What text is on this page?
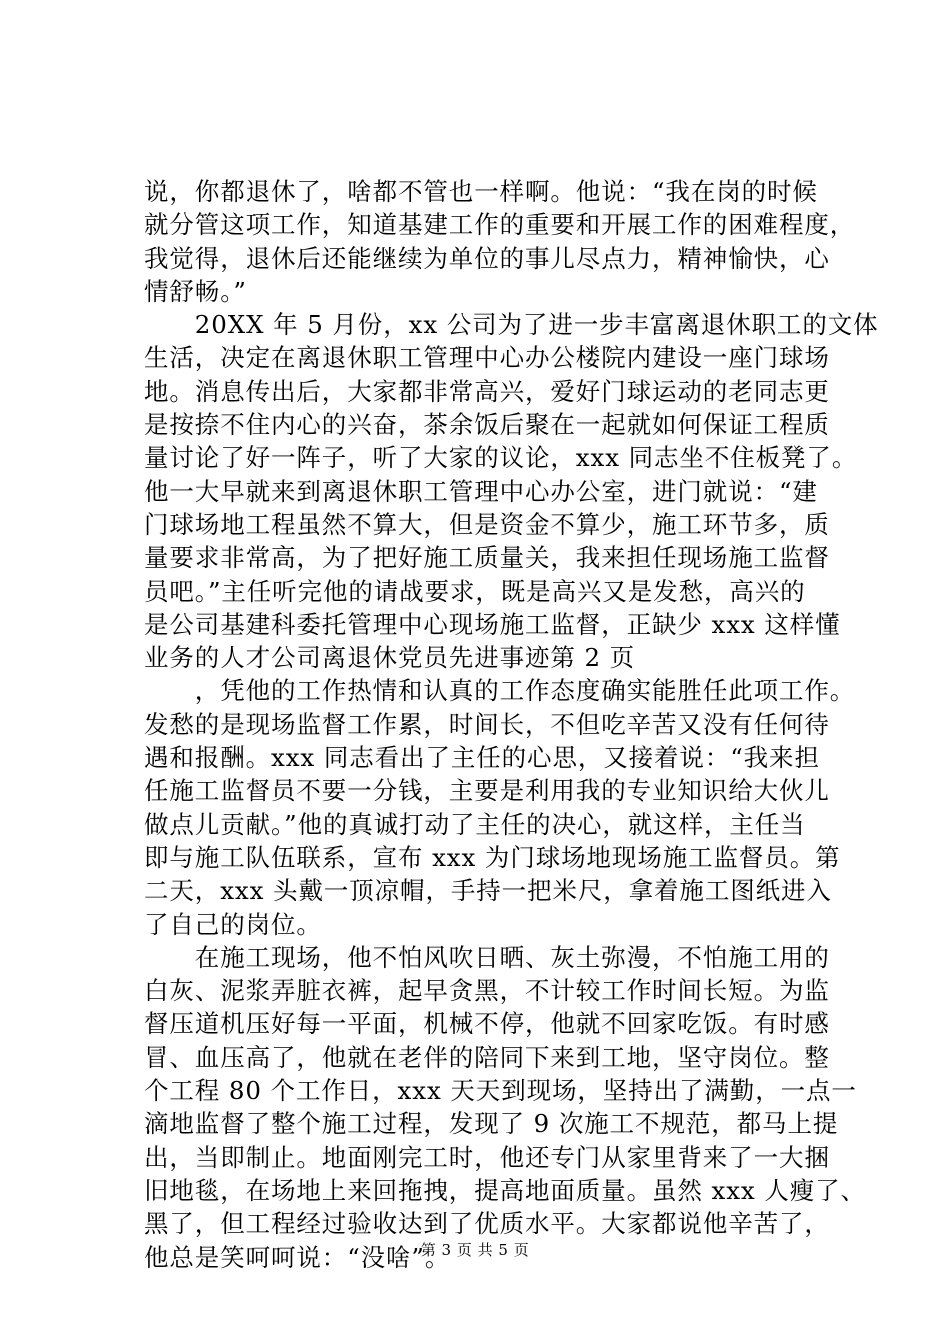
说，你都退休了，啥都不管也一样啊。他说：“我在岗的时候
就分管这项工作，知道基建工作的重要和开展工作的困难程度，
我觉得，退休后还能继续为单位的事儿尽点力，精神愉快，心
情舒畅。”
　　20XX 年 5 月份，xx 公司为了进一步丰富离退休职工的文体
生活，决定在离退休职工管理中心办公楼院内建设一座门球场
地。消息传出后，大家都非常高兴，爱好门球运动的老同志更
是按捺不住内心的兴奋，茶余饭后聚在一起就如何保证工程质
量讨论了好一阵子，听了大家的议论，xxx 同志坐不住板凳了。
他一大早就来到离退休职工管理中心办公室，进门就说：“建
门球场地工程虽然不算大，但是资金不算少，施工环节多，质
量要求非常高，为了把好施工质量关，我来担任现场施工监督
员吧。”主任听完他的请战要求，既是高兴又是发愁，高兴的
是公司基建科委托管理中心现场施工监督，正缺少 xxx 这样懂
业务的人才公司离退休党员先进事迹第 2 页
　　，凭他的工作热情和认真的工作态度确实能胜任此项工作。
发愁的是现场监督工作累，时间长，不但吃辛苦又没有任何待
遇和报酬。xxx 同志看出了主任的心思，又接着说：“我来担
任施工监督员不要一分钱，主要是利用我的专业知识给大伙儿
做点儿贡献。”他的真诚打动了主任的决心，就这样，主任当
即与施工队伍联系，宣布 xxx 为门球场地现场施工监督员。第
二天，xxx 头戴一顶凉帽，手持一把米尺，拿着施工图纸进入
了自己的岗位。
　　在施工现场，他不怕风吹日晒、灰土弥漫，不怕施工用的
白灰、泥浆弄脏衣裤，起早贪黑，不计较工作时间长短。为监
督压道机压好每一平面，机械不停，他就不回家吃饭。有时感
冒、血压高了，他就在老伴的陪同下来到工地，坚守岗位。整
个工程 80 个工作日，xxx 天天到现场，坚持出了满勤，一点一
滴地监督了整个施工过程，发现了 9 次施工不规范，都马上提
出，当即制止。地面刚完工时，他还专门从家里背来了一大捆
旧地毯，在场地上来回拖拽，提高地面质量。虽然 xxx 人瘦了、
黑了，但工程经过验收达到了优质水平。大家都说他辛苦了，
他总是笑呵呵说：“没啥”。
第 3 页 共 5 页
